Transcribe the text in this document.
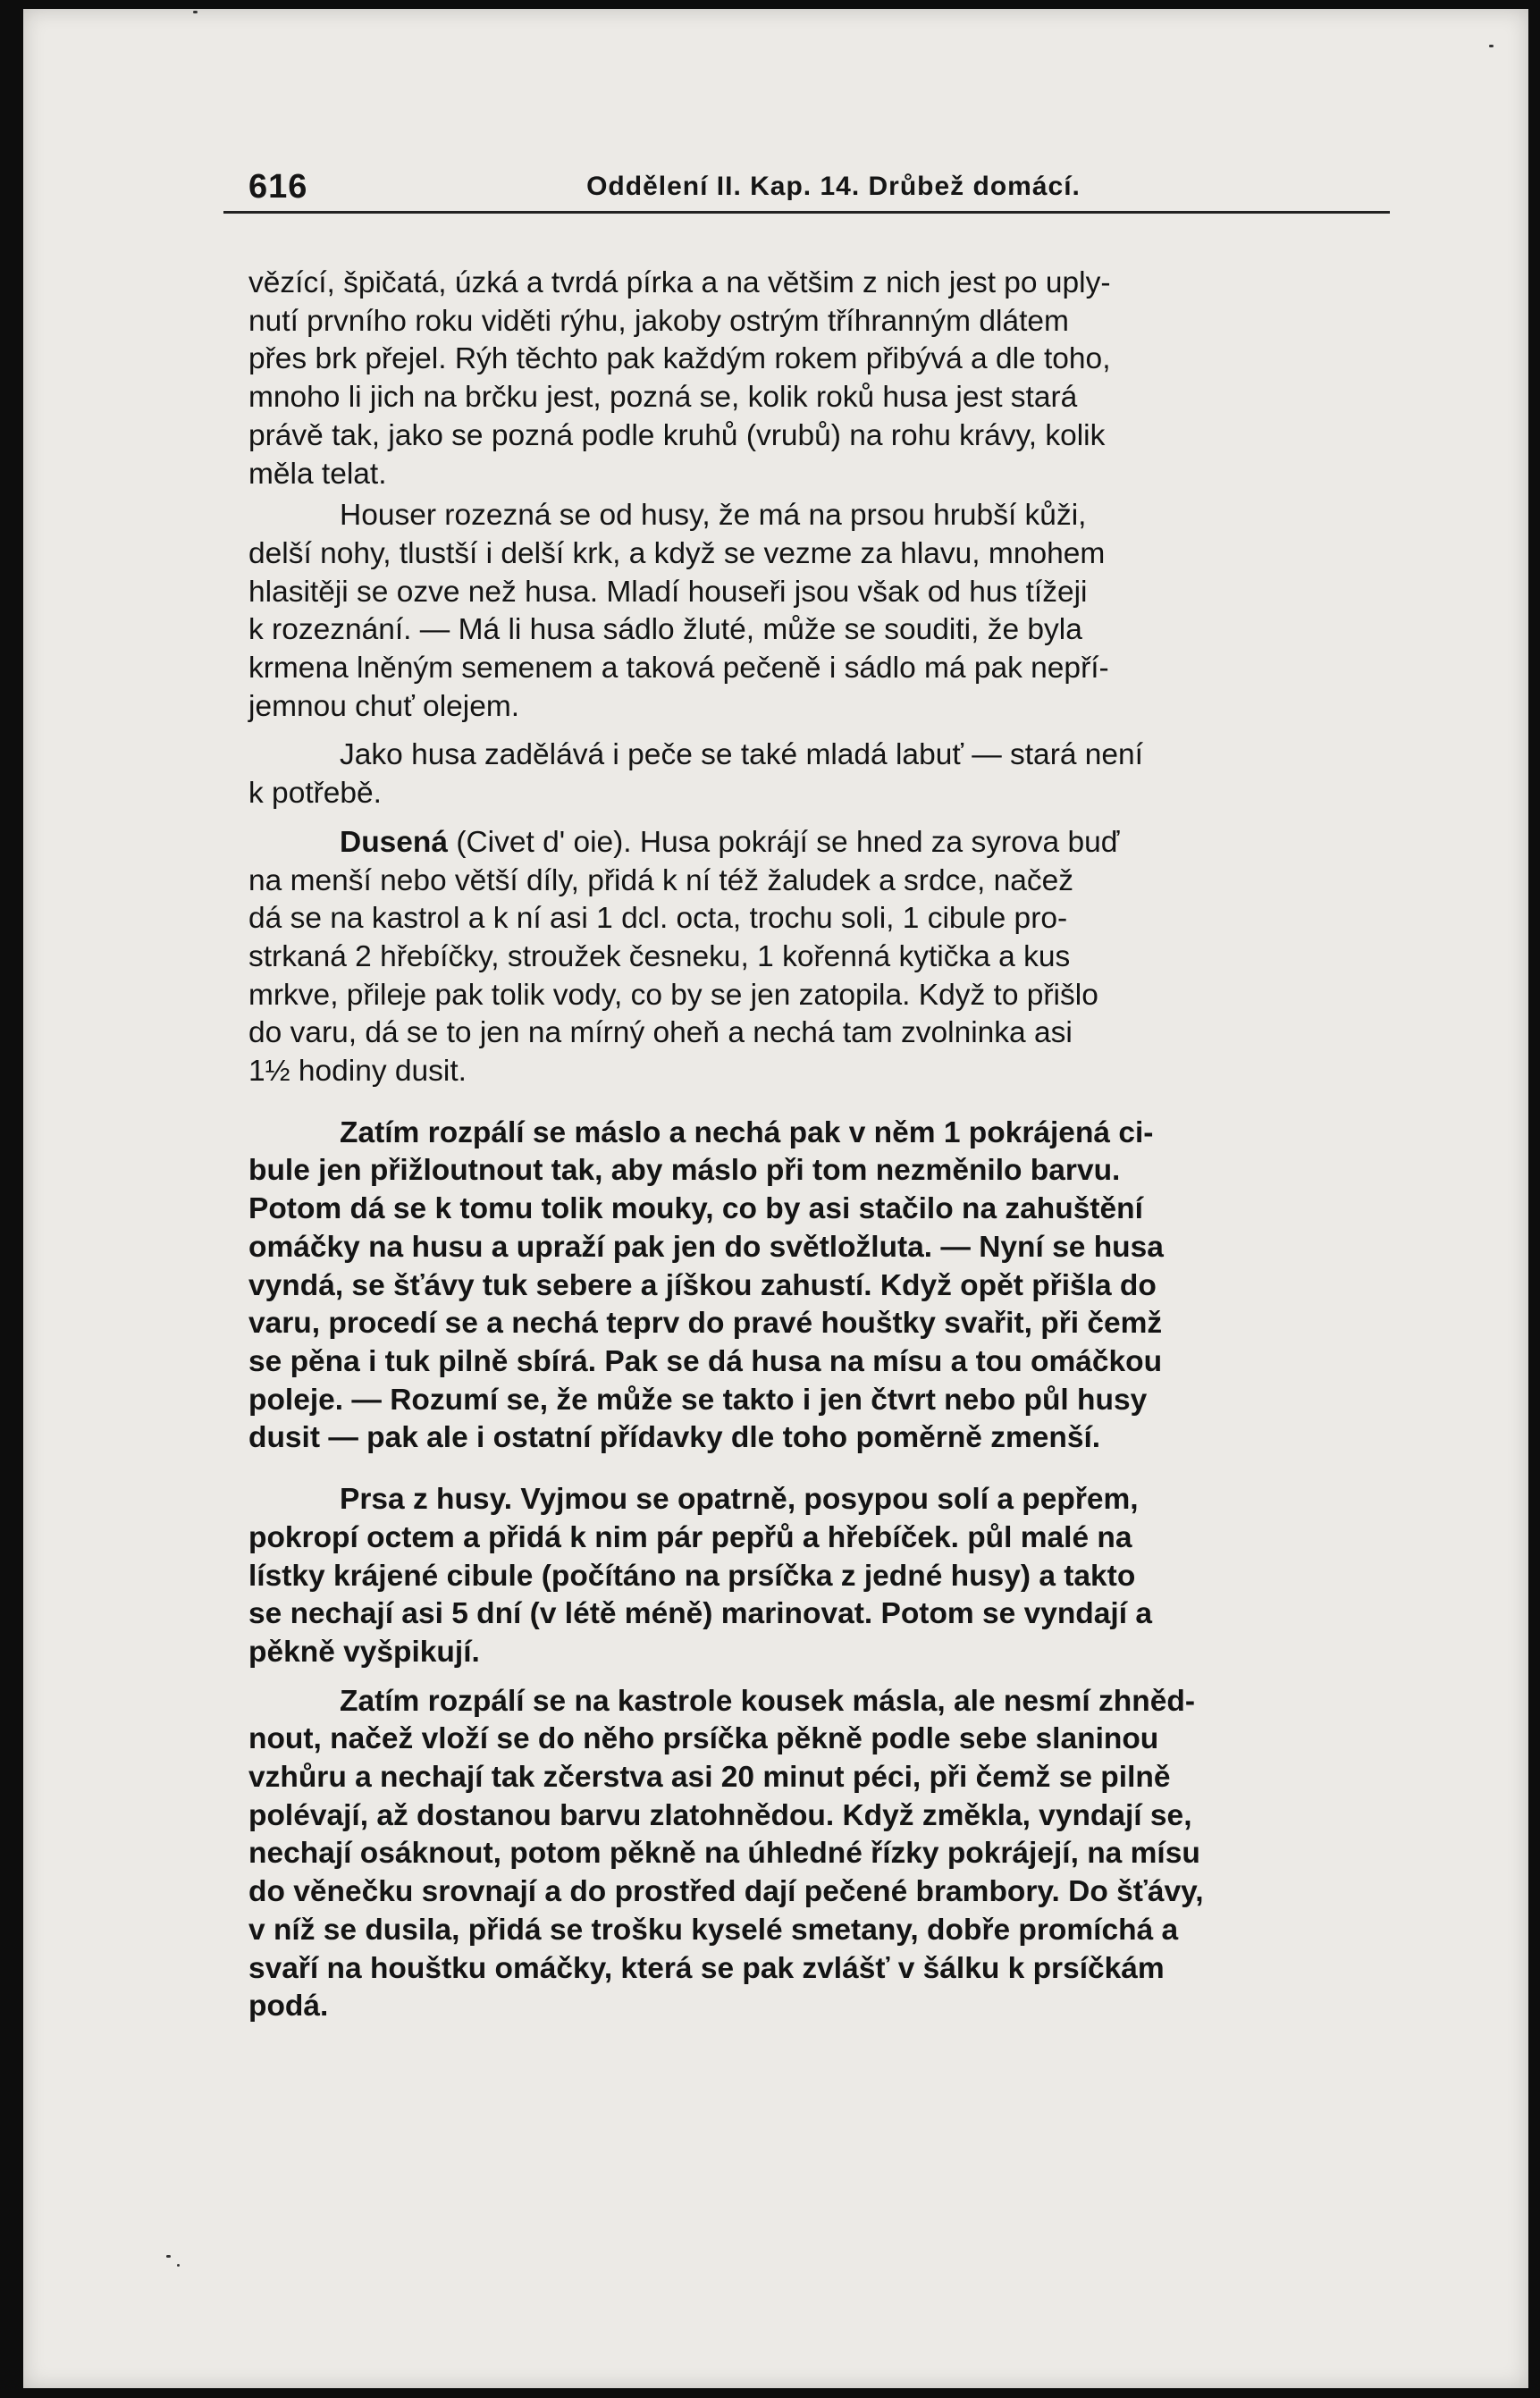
616	Oddělení II. Kap. 14. Drůbež domácí.

vězící, špičatá, úzká a tvrdá pírka a na většim z nich jest po uply-
nutí prvního roku viděti rýhu, jakoby ostrým tříhranným dlátem
přes brk přejel. Rýh těchto pak každým rokem přibývá a dle toho,
mnoho li jich na brčku jest, pozná se, kolik roků husa jest stará
právě tak, jako se pozná podle kruhů (vrubů) na rohu krávy, kolik
měla telat.

Houser rozezná se od husy, že má na prsou hrubší kůži,
delší nohy, tlustší i delší krk, a když se vezme za hlavu, mnohem
hlasitěji se ozve než husa. Mladí houseři jsou však od hus tížeji
k rozeznání. — Má li husa sádlo žluté, může se souditi, že byla
krmena lněným semenem a taková pečeně i sádlo má pak nepří-
jemnou chuť olejem.

Jako husa zadělává i peče se také mladá labuť — stará není
k potřebě.

Dusená (Civet d' oie). Husa pokrájí se hned za syrova buď
na menší nebo větší díly, přidá k ní též žaludek a srdce, načež
dá se na kastrol a k ní asi 1 dcl. octa, trochu soli, 1 cibule pro-
strkaná 2 hřebíčky, stroužek česneku, 1 kořenná kytička a kus
mrkve, přileje pak tolik vody, co by se jen zatopila. Když to přišlo
do varu, dá se to jen na mírný oheň a nechá tam zvolninka asi
1½ hodiny dusit.

Zatím rozpálí se máslo a nechá pak v něm 1 pokrájená ci-
bule jen přižloutnout tak, aby máslo při tom nezměnilo barvu.
Potom dá se k tomu tolik mouky, co by asi stačilo na zahuštění
omáčky na husu a upraží pak jen do světložluta. — Nyní se husa
vyndá, se šťávy tuk sebere a jíškou zahustí. Když opět přišla do
varu, procedí se a nechá teprv do pravé houštky svařit, při čemž
se pěna i tuk pilně sbírá. Pak se dá husa na mísu a tou omáčkou
poleje. — Rozumí se, že může se takto i jen čtvrt nebo půl husy
dusit — pak ale i ostatní přídavky dle toho poměrně zmenší.

Prsa z husy. Vyjmou se opatrně, posypou solí a pepřem,
pokropí octem a přidá k nim pár pepřů a hřebíček. půl malé na
lístky krájené cibule (počítáno na prsíčka z jedné husy) a takto
se nechají asi 5 dní (v létě méně) marinovat. Potom se vyndají a
pěkně vyšpikují.

Zatím rozpálí se na kastrole kousek másla, ale nesmí zhněd-
nout, načež vloží se do něho prsíčka pěkně podle sebe slaninou
vzhůru a nechají tak zčerstva asi 20 minut péci, při čemž se pilně
polévají, až dostanou barvu zlatohnědou. Když změkla, vyndají se,
nechají osáknout, potom pěkně na úhledné řízky pokrájejí, na mísu
do věnečku srovnají a do prostřed dají pečené brambory. Do šťávy,
v níž se dusila, přidá se trošku kyselé smetany, dobře promíchá a
svaří na houštku omáčky, která se pak zvlášť v šálku k prsíčkám
podá.
